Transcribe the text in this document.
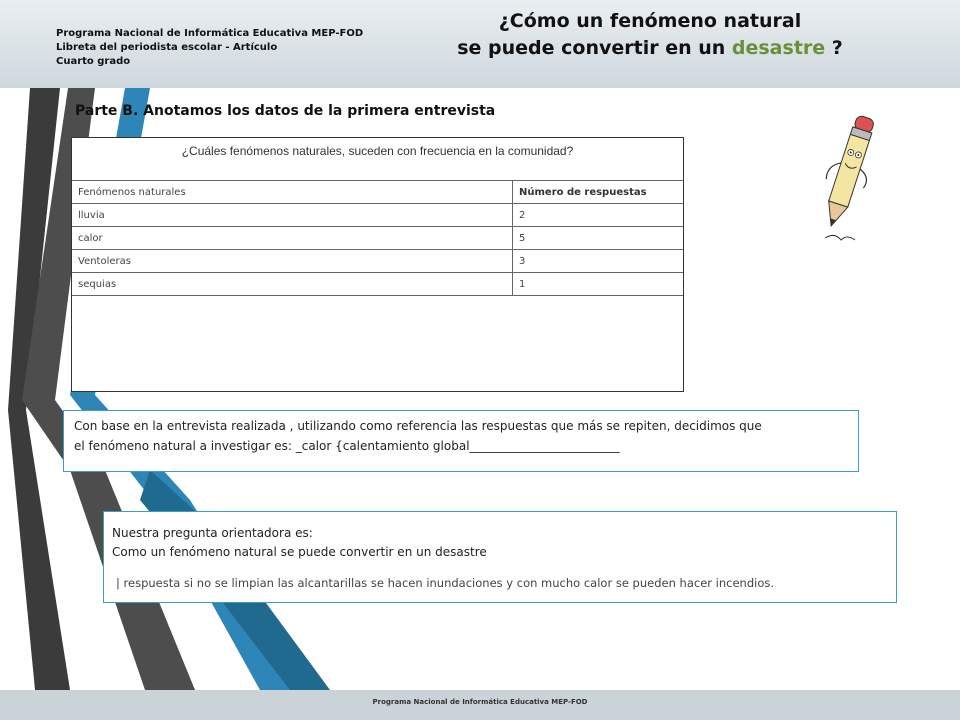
Programa Nacional de Informática Educativa MEP-FOD
Libreta del periodista escolar - Artículo
Cuarto grado
¿Cómo un fenómeno natural
se puede convertir en un desastre ?
Parte B. Anotamos los datos de la primera entrevista
¿Cuáles fenómenos naturales, suceden con frecuencia en la comunidad?
Fenómenos naturales	Número de respuestas
lluvia	2
calor	5
Ventoleras	3
sequias	1

Con base en la entrevista realizada , utilizando como referencia las respuestas que más se repiten, decidimos que
el fenómeno natural a investigar es: _calor {calentamiento global_________________________
Nuestra pregunta orientadora es:
Como un fenómeno natural se puede convertir en un desastre
| respuesta si no se limpian las alcantarillas se hacen inundaciones y con mucho calor se pueden hacer incendios.
Programa Nacional de Informática Educativa MEP-FOD
